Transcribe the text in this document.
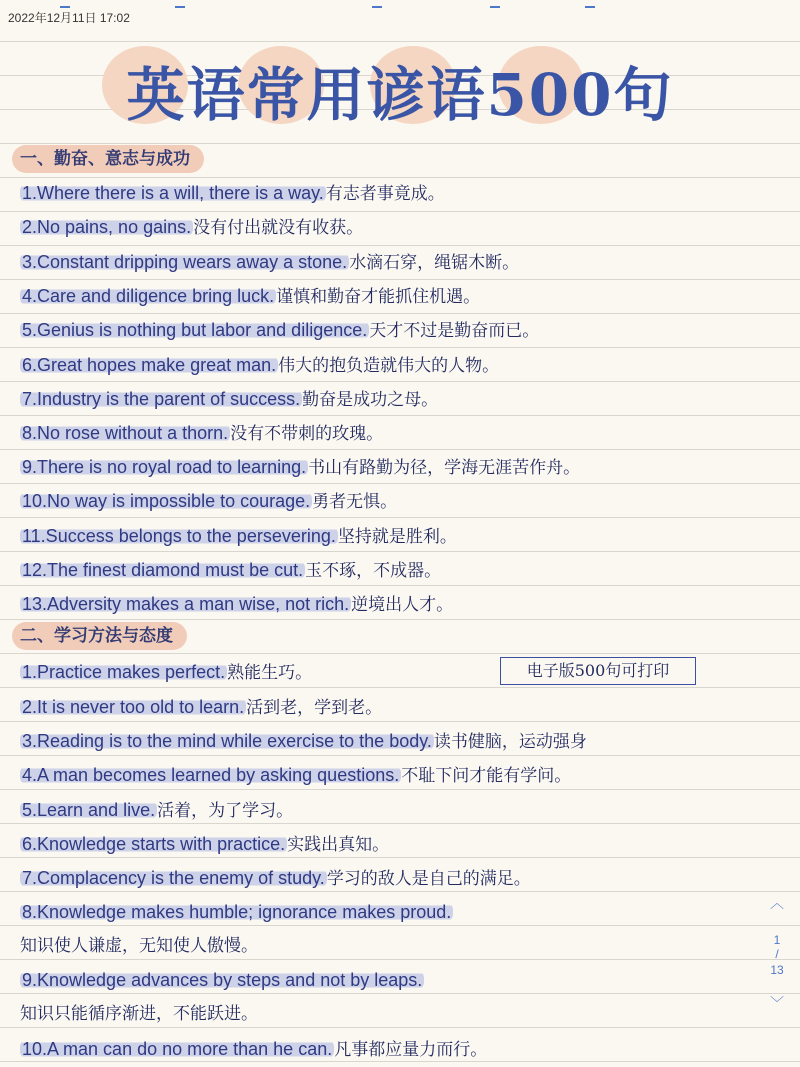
2022年12月11日 17:02
英语常用谚语500句
一、勤奋、意志与成功
1.Where there is a will, there is a way. 有志者事竟成。
2.No pains, no gains. 没有付出就没有收获。
3.Constant dripping wears away a stone. 水滴石穿，绳锯木断。
4.Care and diligence bring luck. 谨慎和勤奋才能抓住机遇。
5.Genius is nothing but labor and diligence. 天才不过是勤奋而已。
6.Great hopes make great man. 伟大的抱负造就伟大的人物。
7.Industry is the parent of success. 勤奋是成功之母。
8.No rose without a thorn. 没有不带刺的玫瑰。
9.There is no royal road to learning. 书山有路勤为径，学海无涯苦作舟。
10.No way is impossible to courage. 勇者无惧。
11.Success belongs to the persevering. 坚持就是胜利。
12.The finest diamond must be cut. 玉不琢，不成器。
13.Adversity makes a man wise, not rich. 逆境出人才。
二、学习方法与态度
1.Practice makes perfect. 熟能生巧。
2.It is never too old to learn. 活到老，学到老。
3.Reading is to the mind while exercise to the body. 读书健脑，运动强身
4.A man becomes learned by asking questions. 不耻下问才能有学问。
5.Learn and live. 活着，为了学习。
6.Knowledge starts with practice. 实践出真知。
7.Complacency is the enemy of study. 学习的敌人是自己的满足。
8.Knowledge makes humble; ignorance makes proud.
知识使人谦虚，无知使人傲慢。
9.Knowledge advances by steps and not by leaps.
知识只能循序渐进，不能跃进。
10.A man can do no more than he can. 凡事都应量力而行。
电子版500句可打印
︿
1
/
13
﹀
